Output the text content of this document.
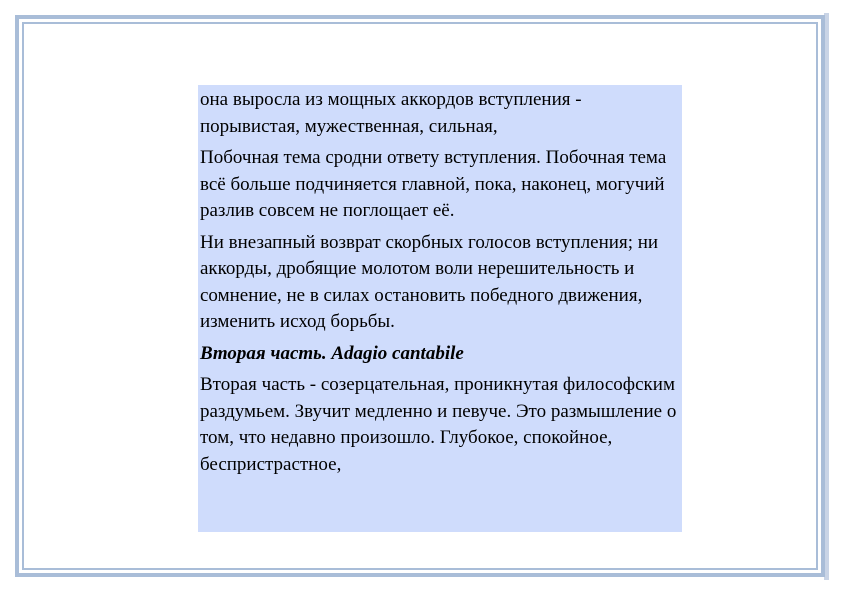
она выросла из мощных аккордов вступления - порывистая, мужественная, сильная,

Побочная тема сродни ответу вступления. Побочная тема всё больше подчиняется главной, пока, наконец, могучий разлив совсем не поглощает её.

Ни внезапный возврат скорбных голосов вступления; ни аккорды, дробящие молотом воли нерешительность и сомнение, не в силах остановить победного движения, изменить исход борьбы.

Вторая часть. Adagio cantabile

Вторая часть - созерцательная, проникнутая философским раздумьем. Звучит медленно и певуче. Это размышление о том, что недавно произошло. Глубокое, спокойное, беспристрастное,
